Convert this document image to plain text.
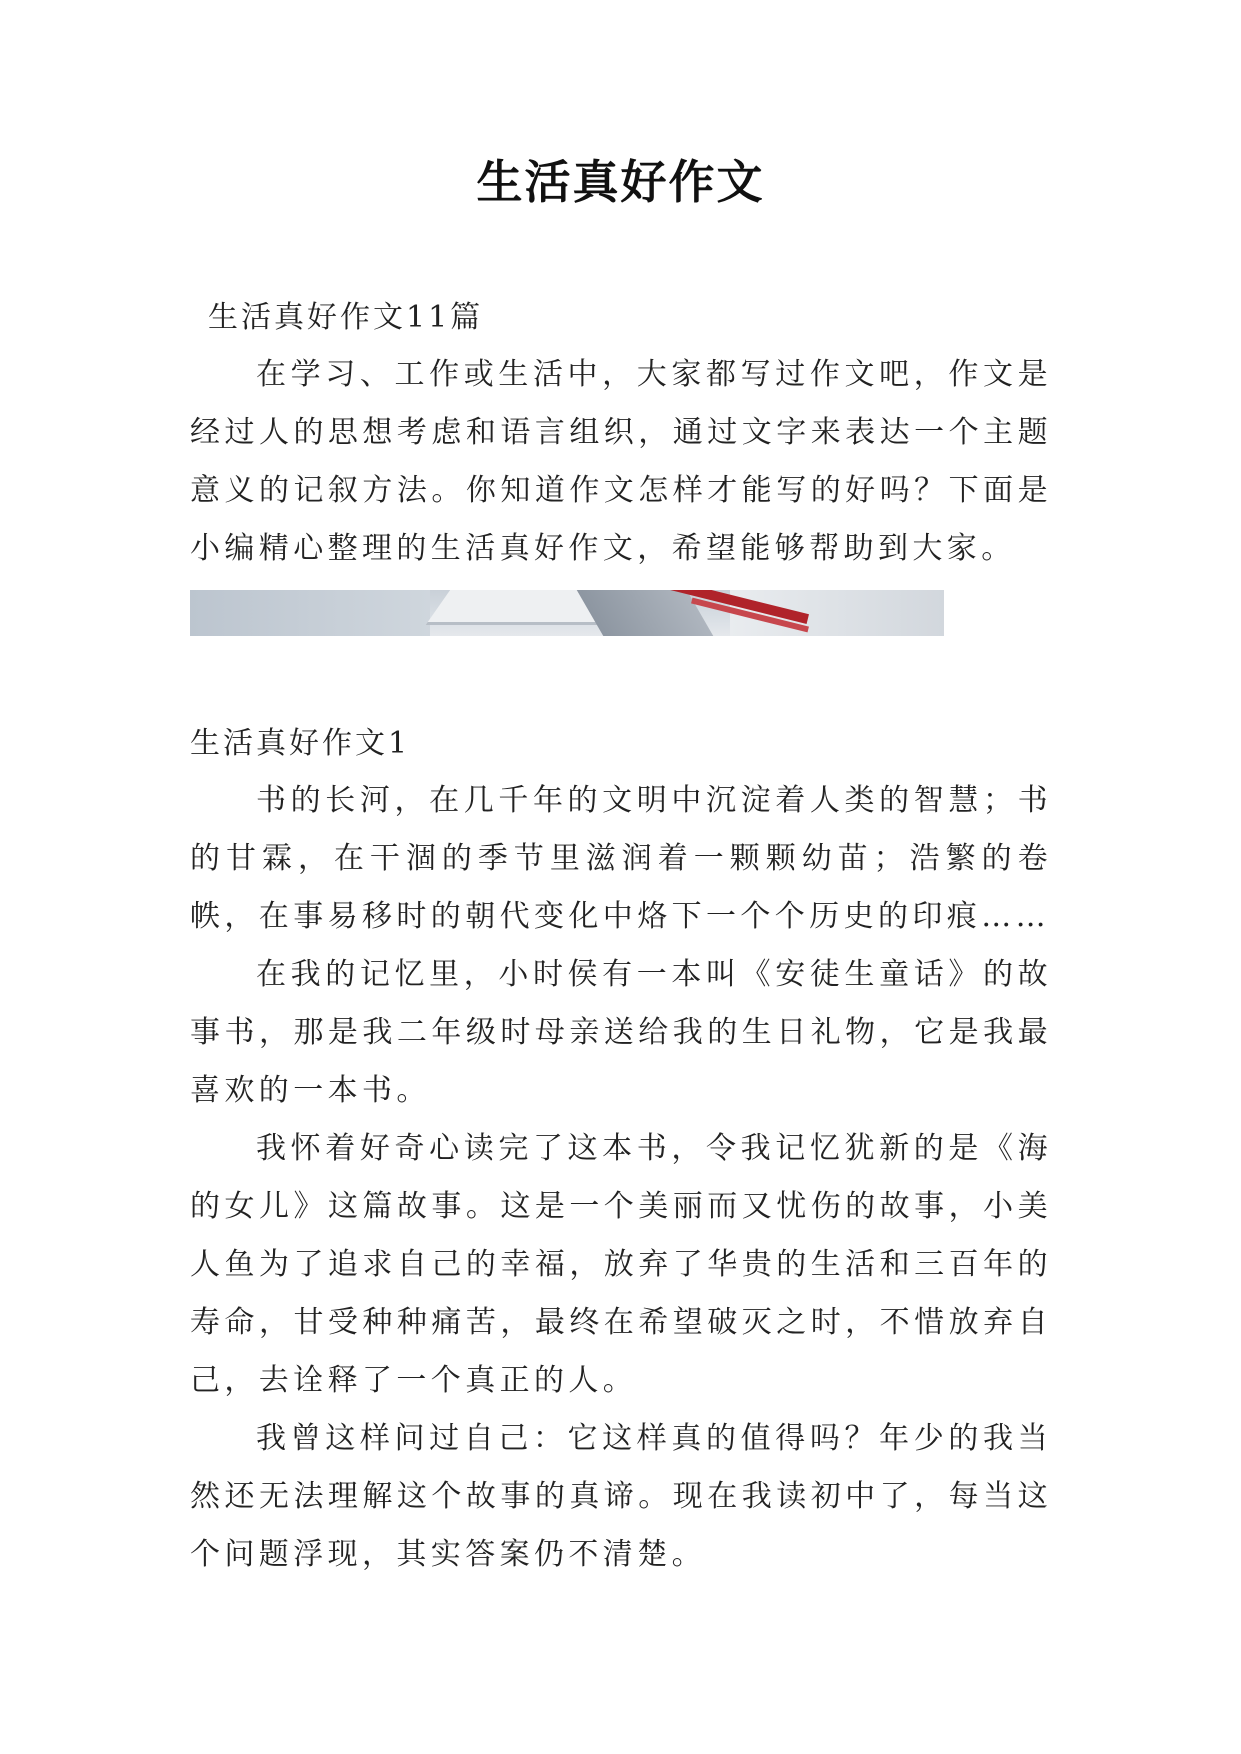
生活真好作文
生活真好作文11篇

在学习、工作或生活中，大家都写过作文吧，作文是经过人的思想考虑和语言组织，通过文字来表达一个主题意义的记叙方法。你知道作文怎样才能写的好吗？下面是小编精心整理的生活真好作文，希望能够帮助到大家。

生活真好作文1

书的长河，在几千年的文明中沉淀着人类的智慧；书的甘霖，在干涸的季节里滋润着一颗颗幼苗；浩繁的卷帙，在事易移时的朝代变化中烙下一个个历史的印痕……

在我的记忆里，小时侯有一本叫《安徒生童话》的故事书，那是我二年级时母亲送给我的生日礼物，它是我最喜欢的一本书。

我怀着好奇心读完了这本书，令我记忆犹新的是《海的女儿》这篇故事。这是一个美丽而又忧伤的故事，小美人鱼为了追求自己的幸福，放弃了华贵的生活和三百年的寿命，甘受种种痛苦，最终在希望破灭之时，不惜放弃自己，去诠释了一个真正的人。

我曾这样问过自己：它这样真的值得吗？年少的我当然还无法理解这个故事的真谛。现在我读初中了，每当这个问题浮现，其实答案仍不清楚。
